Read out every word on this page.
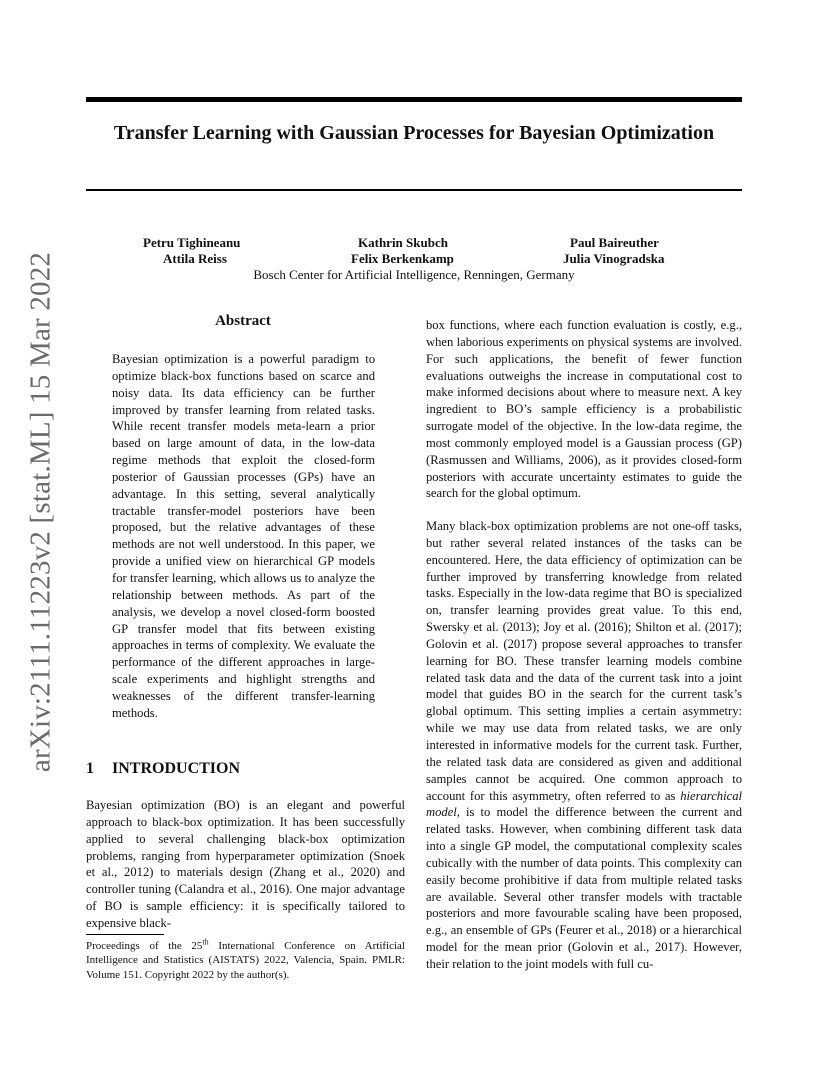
Transfer Learning with Gaussian Processes for Bayesian Optimization
Petru Tighineanu	Kathrin Skubch	Paul Baireuther
Attila Reiss	Felix Berkenkamp	Julia Vinogradska
Bosch Center for Artificial Intelligence, Renningen, Germany
arXiv:2111.11223v2 [stat.ML] 15 Mar 2022	Abstract

Bayesian optimization is a powerful paradigm to optimize black-box functions based on scarce and noisy data. Its data efficiency can be further improved by transfer learning from related tasks. While recent transfer models meta-learn a prior based on large amount of data, in the low-data regime methods that exploit the closed-form posterior of Gaussian processes (GPs) have an advantage. In this setting, several analytically tractable transfer-model posteriors have been proposed, but the relative advantages of these methods are not well understood. In this paper, we provide a unified view on hierarchical GP models for transfer learning, which allows us to analyze the relationship between methods. As part of the analysis, we develop a novel closed-form boosted GP transfer model that fits between existing approaches in terms of complexity. We evaluate the performance of the different approaches in large-scale experiments and highlight strengths and weaknesses of the different transfer-learning methods.

1 INTRODUCTION

Bayesian optimization (BO) is an elegant and powerful approach to black-box optimization. It has been successfully applied to several challenging black-box optimization problems, ranging from hyperparameter optimization (Snoek et al., 2012) to materials design (Zhang et al., 2020) and controller tuning (Calandra et al., 2016). One major advantage of BO is sample efficiency: it is specifically tailored to expensive black-

Proceedings of the 25th International Conference on Artificial Intelligence and Statistics (AISTATS) 2022, Valencia, Spain. PMLR: Volume 151. Copyright 2022 by the author(s).

box functions, where each function evaluation is costly, e.g., when laborious experiments on physical systems are involved. For such applications, the benefit of fewer function evaluations outweighs the increase in computational cost to make informed decisions about where to measure next. A key ingredient to BO’s sample efficiency is a probabilistic surrogate model of the objective. In the low-data regime, the most commonly employed model is a Gaussian process (GP) (Rasmussen and Williams, 2006), as it provides closed-form posteriors with accurate uncertainty estimates to guide the search for the global optimum.

Many black-box optimization problems are not one-off tasks, but rather several related instances of the tasks can be encountered. Here, the data efficiency of optimization can be further improved by transferring knowledge from related tasks. Especially in the low-data regime that BO is specialized on, transfer learning provides great value. To this end, Swersky et al. (2013); Joy et al. (2016); Shilton et al. (2017); Golovin et al. (2017) propose several approaches to transfer learning for BO. These transfer learning models combine related task data and the data of the current task into a joint model that guides BO in the search for the current task’s global optimum. This setting implies a certain asymmetry: while we may use data from related tasks, we are only interested in informative models for the current task. Further, the related task data are considered as given and additional samples cannot be acquired. One common approach to account for this asymmetry, often referred to as hierarchical model, is to model the difference between the current and related tasks. However, when combining different task data into a single GP model, the computational complexity scales cubically with the number of data points. This complexity can easily become prohibitive if data from multiple related tasks are available. Several other transfer models with tractable posteriors and more favourable scaling have been proposed, e.g., an ensemble of GPs (Feurer et al., 2018) or a hierarchical model for the mean prior (Golovin et al., 2017). However, their relation to the joint models with full cu-
